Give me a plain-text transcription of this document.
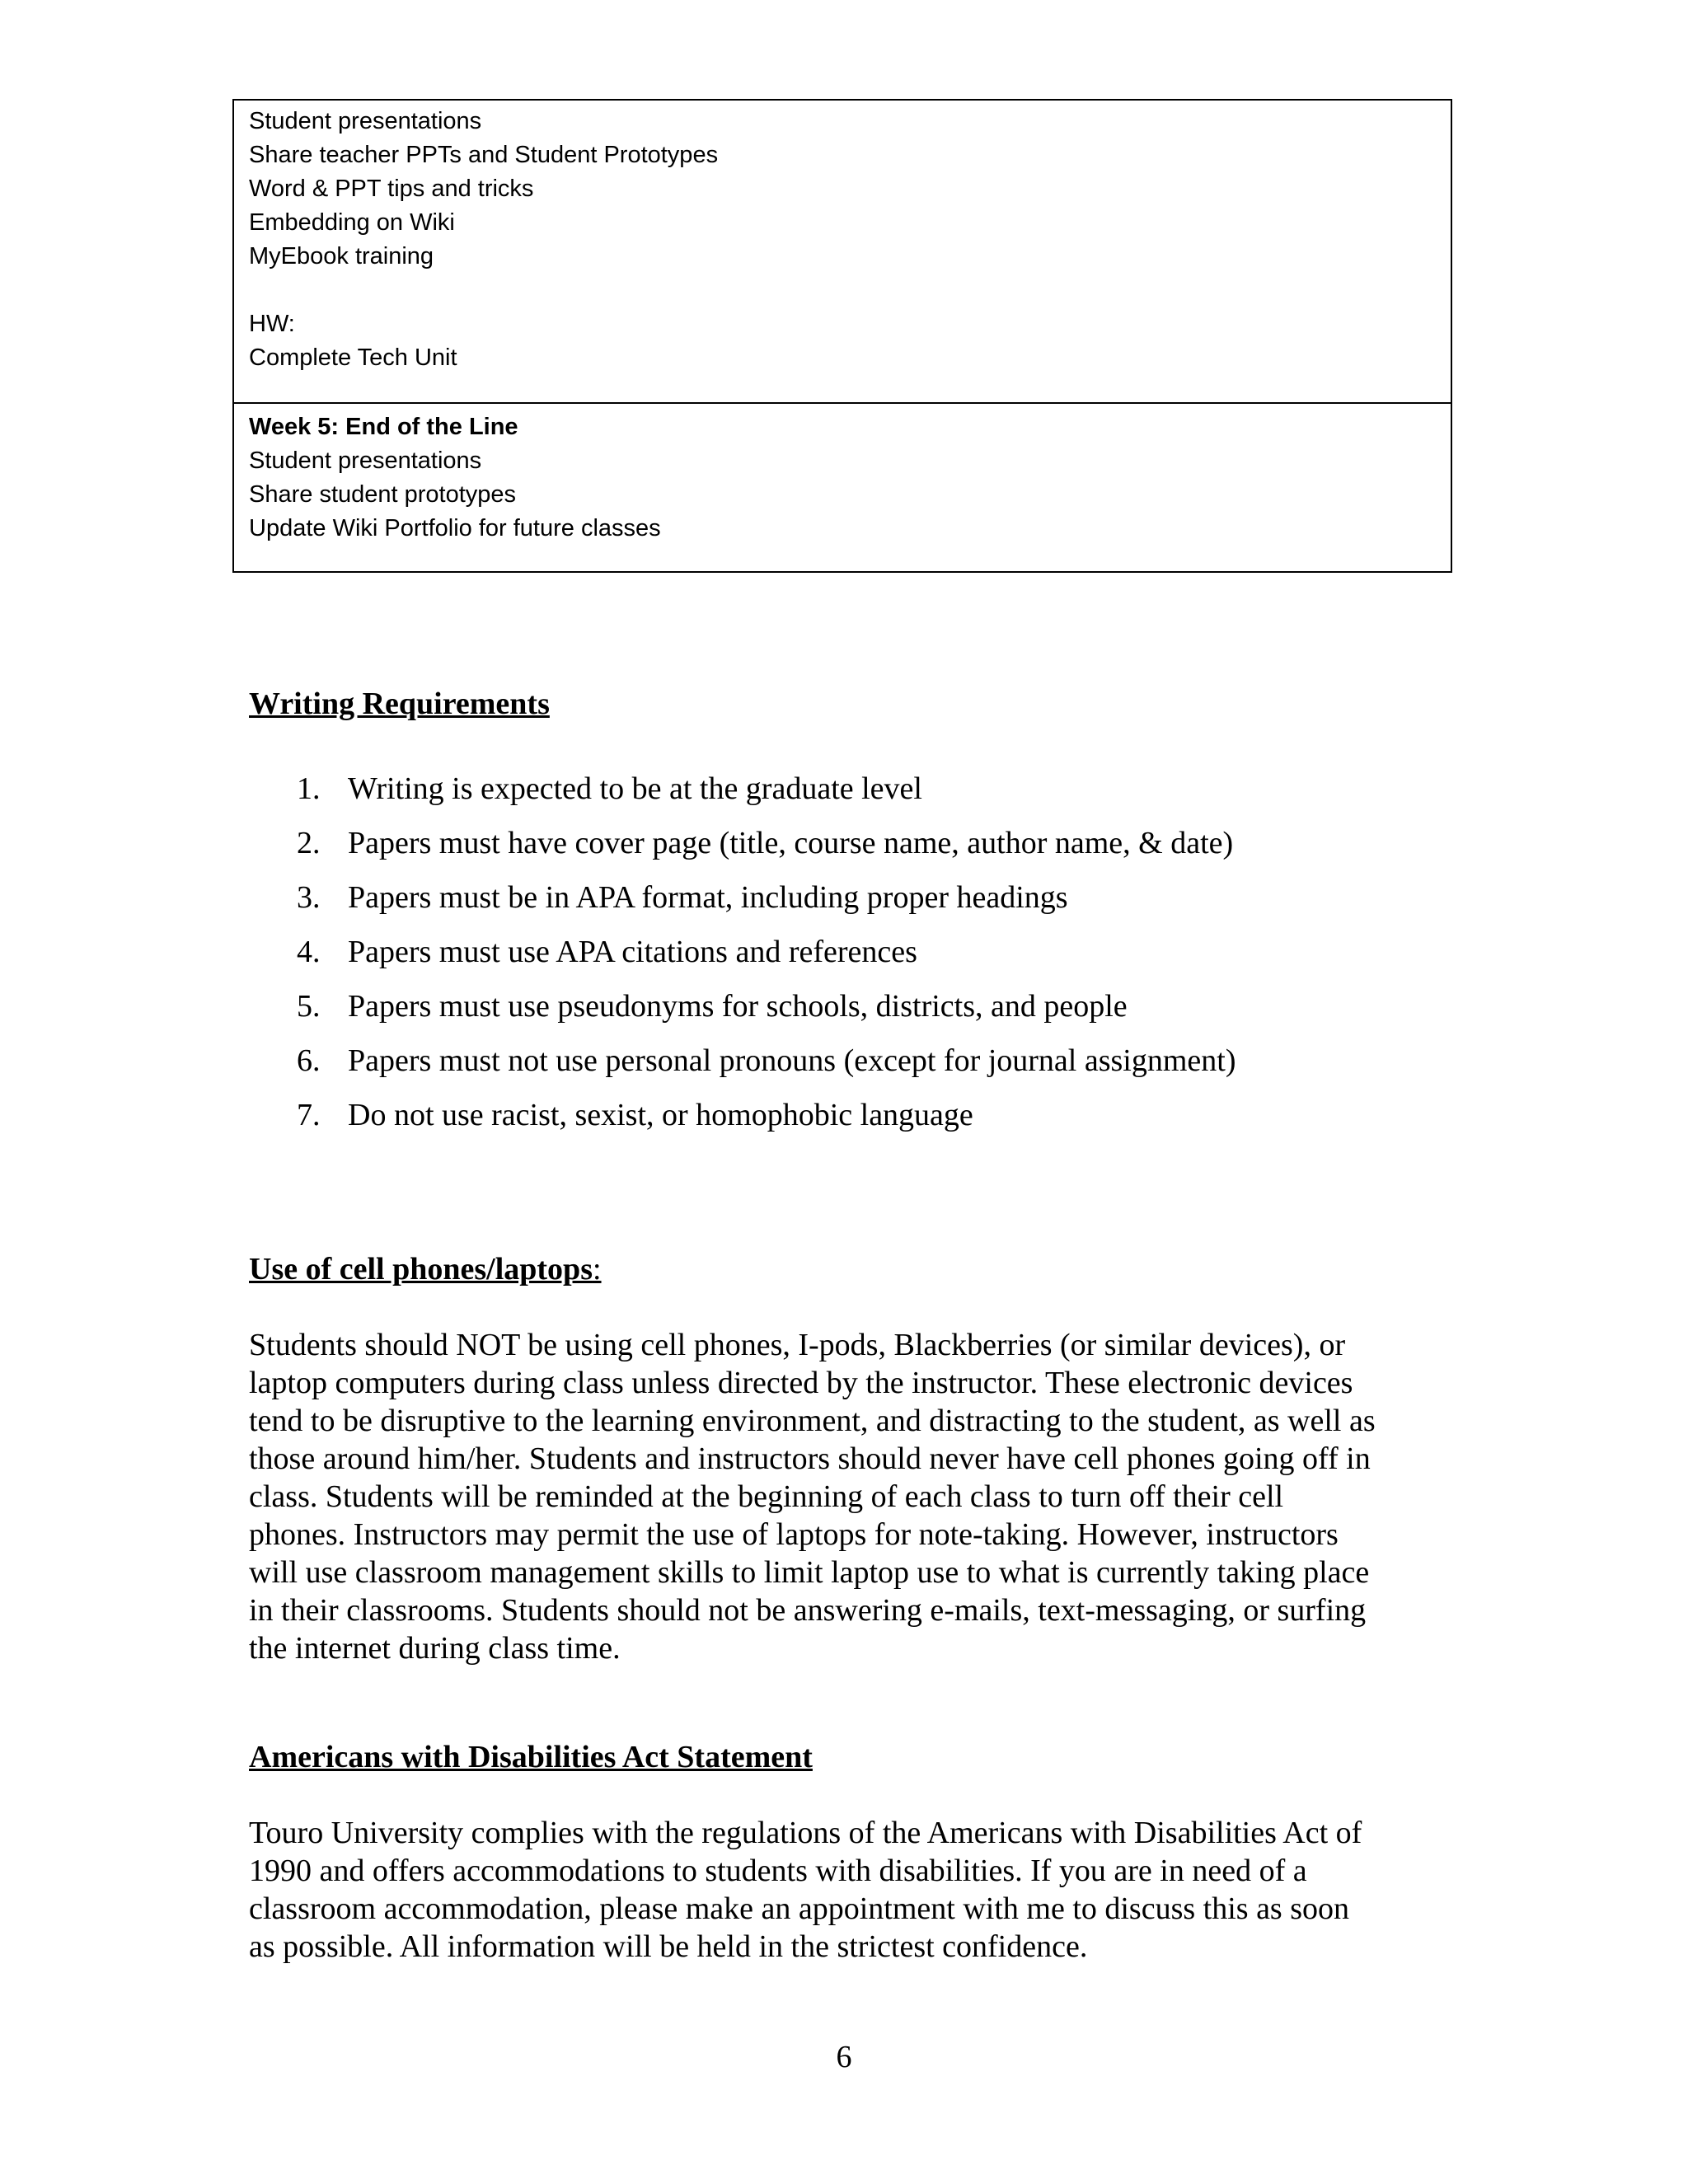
Student presentations
Share teacher PPTs and Student Prototypes
Word & PPT tips and tricks
Embedding on Wiki
MyEbook training
HW:
Complete Tech Unit
Week 5: End of the Line
Student presentations
Share student prototypes
Update Wiki Portfolio for future classes
Writing Requirements
1. Writing is expected to be at the graduate level
2. Papers must have cover page (title, course name, author name, & date)
3. Papers must be in APA format, including proper headings
4. Papers must use APA citations and references
5. Papers must use pseudonyms for schools, districts, and people
6. Papers must not use personal pronouns (except for journal assignment)
7. Do not use racist, sexist, or homophobic language
Use of cell phones/laptops:
Students should NOT be using cell phones, I-pods, Blackberries (or similar devices), or
laptop computers during class unless directed by the instructor. These electronic devices
tend to be disruptive to the learning environment, and distracting to the student, as well as
those around him/her. Students and instructors should never have cell phones going off in
class. Students will be reminded at the beginning of each class to turn off their cell
phones. Instructors may permit the use of laptops for note-taking. However, instructors
will use classroom management skills to limit laptop use to what is currently taking place
in their classrooms. Students should not be answering e-mails, text-messaging, or surfing
the internet during class time.
Americans with Disabilities Act Statement
Touro University complies with the regulations of the Americans with Disabilities Act of
1990 and offers accommodations to students with disabilities. If you are in need of a
classroom accommodation, please make an appointment with me to discuss this as soon
as possible. All information will be held in the strictest confidence.
6
